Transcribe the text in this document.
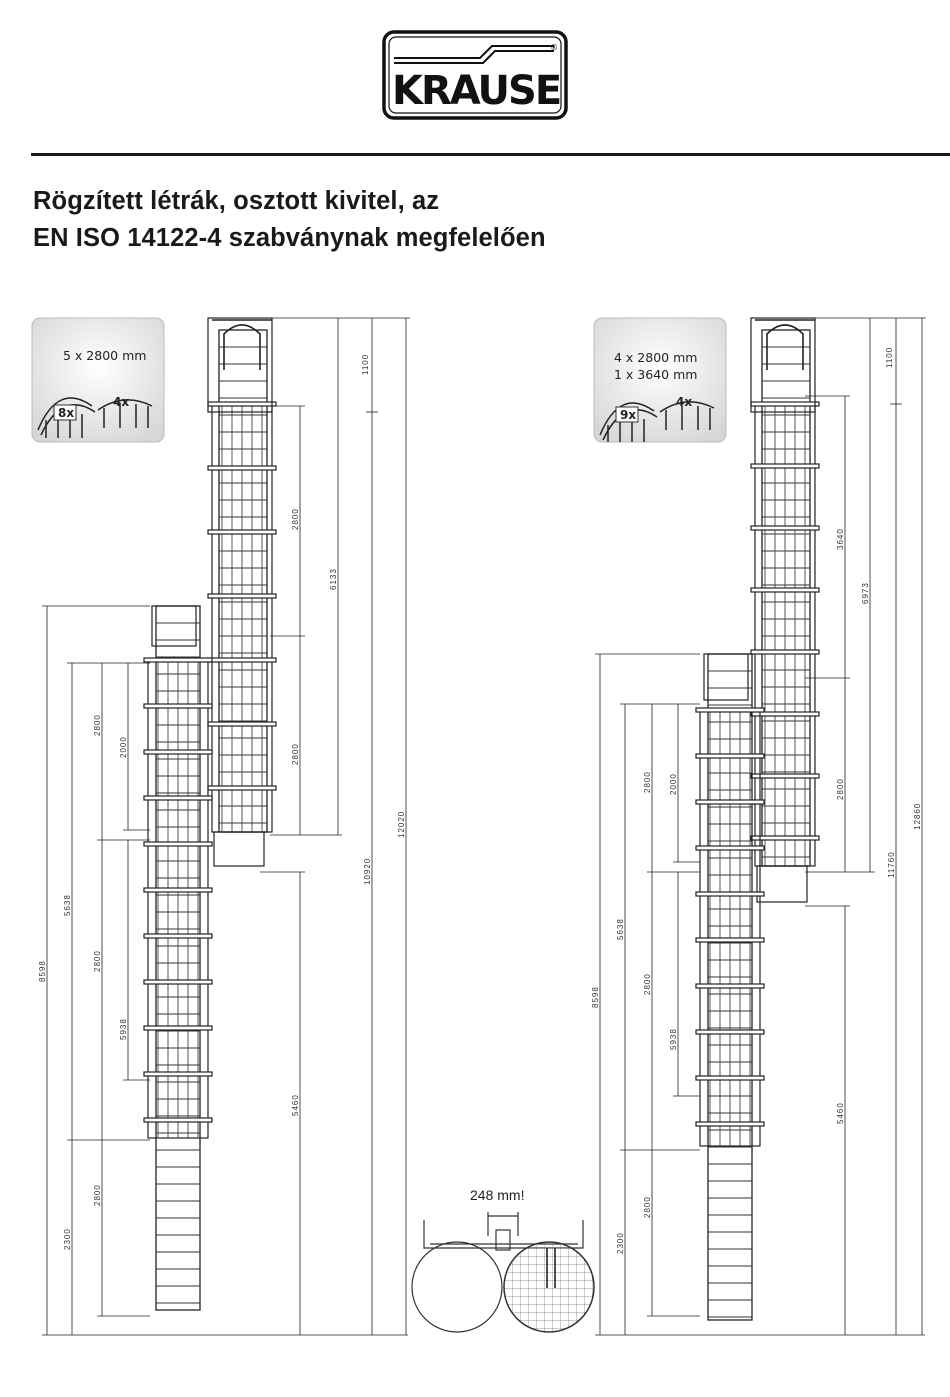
KRAUSE
®
Rögzített létrák, osztott kivitel, az
EN ISO 14122-4 szabványnak megfelelően
5 x 2800 mm
8x
4x
4 x 2800 mm
1 x 3640 mm
9x
4x
1100
2800
6133
2800
12020
10920
2800
2000
5638
2800
5938
8598
2800
2300
5460
1100
3640
6973
2800
12860
11760
2800 2000
5638
2800
5938
8598
2800
2300
5460
248 mm!
